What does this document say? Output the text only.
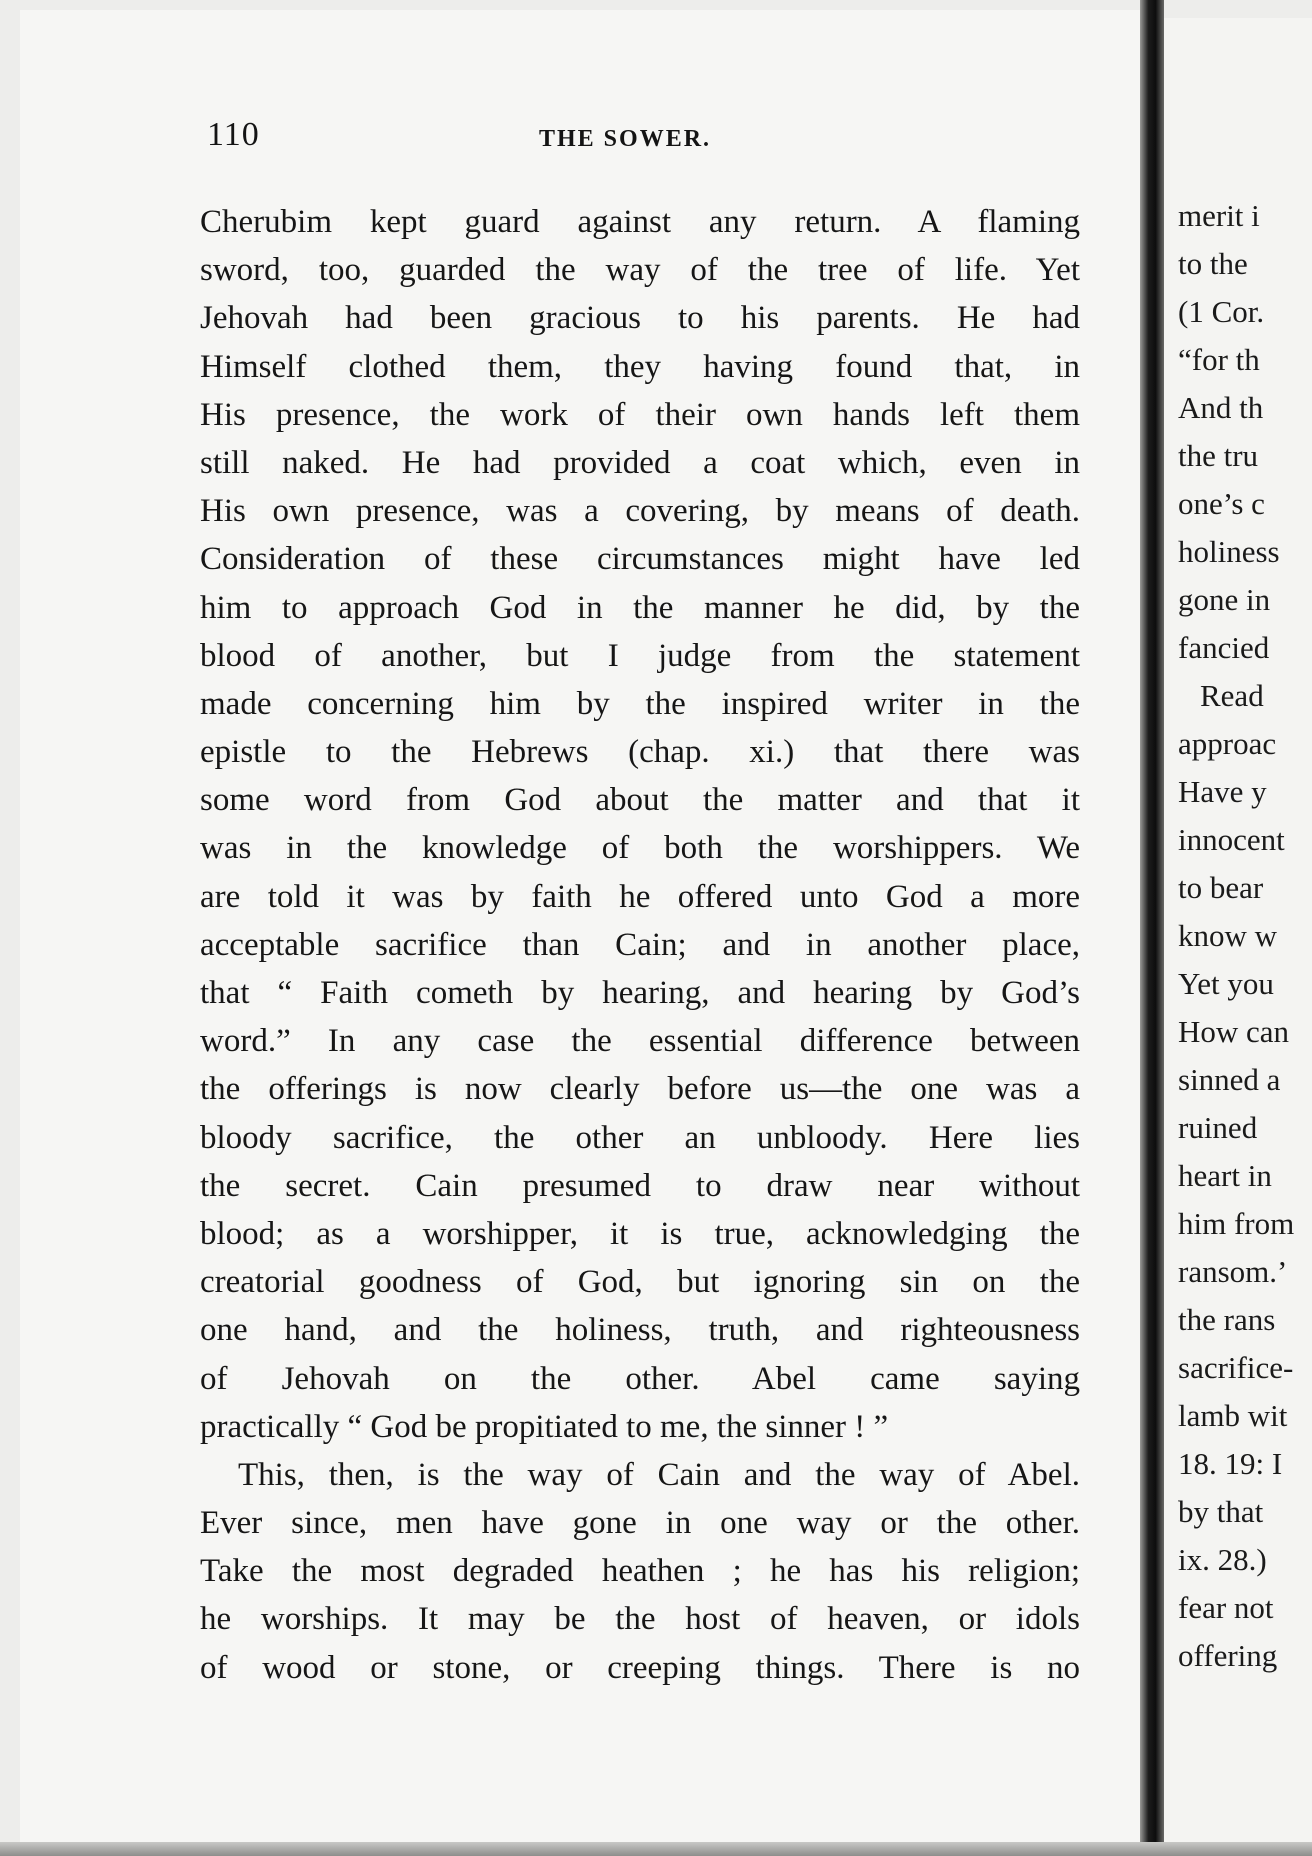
110	THE SOWER.
Cherubim kept guard against any return. A flaming
sword, too, guarded the way of the tree of life. Yet
Jehovah had been gracious to his parents. He had
Himself clothed them, they having found that, in
His presence, the work of their own hands left them
still naked. He had provided a coat which, even in
His own presence, was a covering, by means of death.
Consideration of these circumstances might have led
him to approach God in the manner he did, by the
blood of another, but I judge from the statement
made concerning him by the inspired writer in the
epistle to the Hebrews (chap. xi.) that there was
some word from God about the matter and that it
was in the knowledge of both the worshippers. We
are told it was by faith he offered unto God a more
acceptable sacrifice than Cain; and in another place,
that “ Faith cometh by hearing, and hearing by God’s
word.” In any case the essential difference between
the offerings is now clearly before us—the one was a
bloody sacrifice, the other an unbloody. Here lies
the secret. Cain presumed to draw near without
blood; as a worshipper, it is true, acknowledging the
creatorial goodness of God, but ignoring sin on the
one hand, and the holiness, truth, and righteousness
of Jehovah on the other. Abel came saying
practically “ God be propitiated to me, the sinner ! ”
This, then, is the way of Cain and the way of Abel.
Ever since, men have gone in one way or the other.
Take the most degraded heathen ; he has his religion;
he worships. It may be the host of heaven, or idols
of wood or stone, or creeping things. There is no
merit i
to the
(1 Cor.
“for th
And th
the tru
one’s c
holiness
gone in
fancied
Read
approac
Have y
innocent
to bear
know w
Yet you
How can
sinned a
ruined
heart in
him from
ransom.’
the rans
sacrifice-
lamb wit
18. 19: I
by that
ix. 28.)
fear not
offering
